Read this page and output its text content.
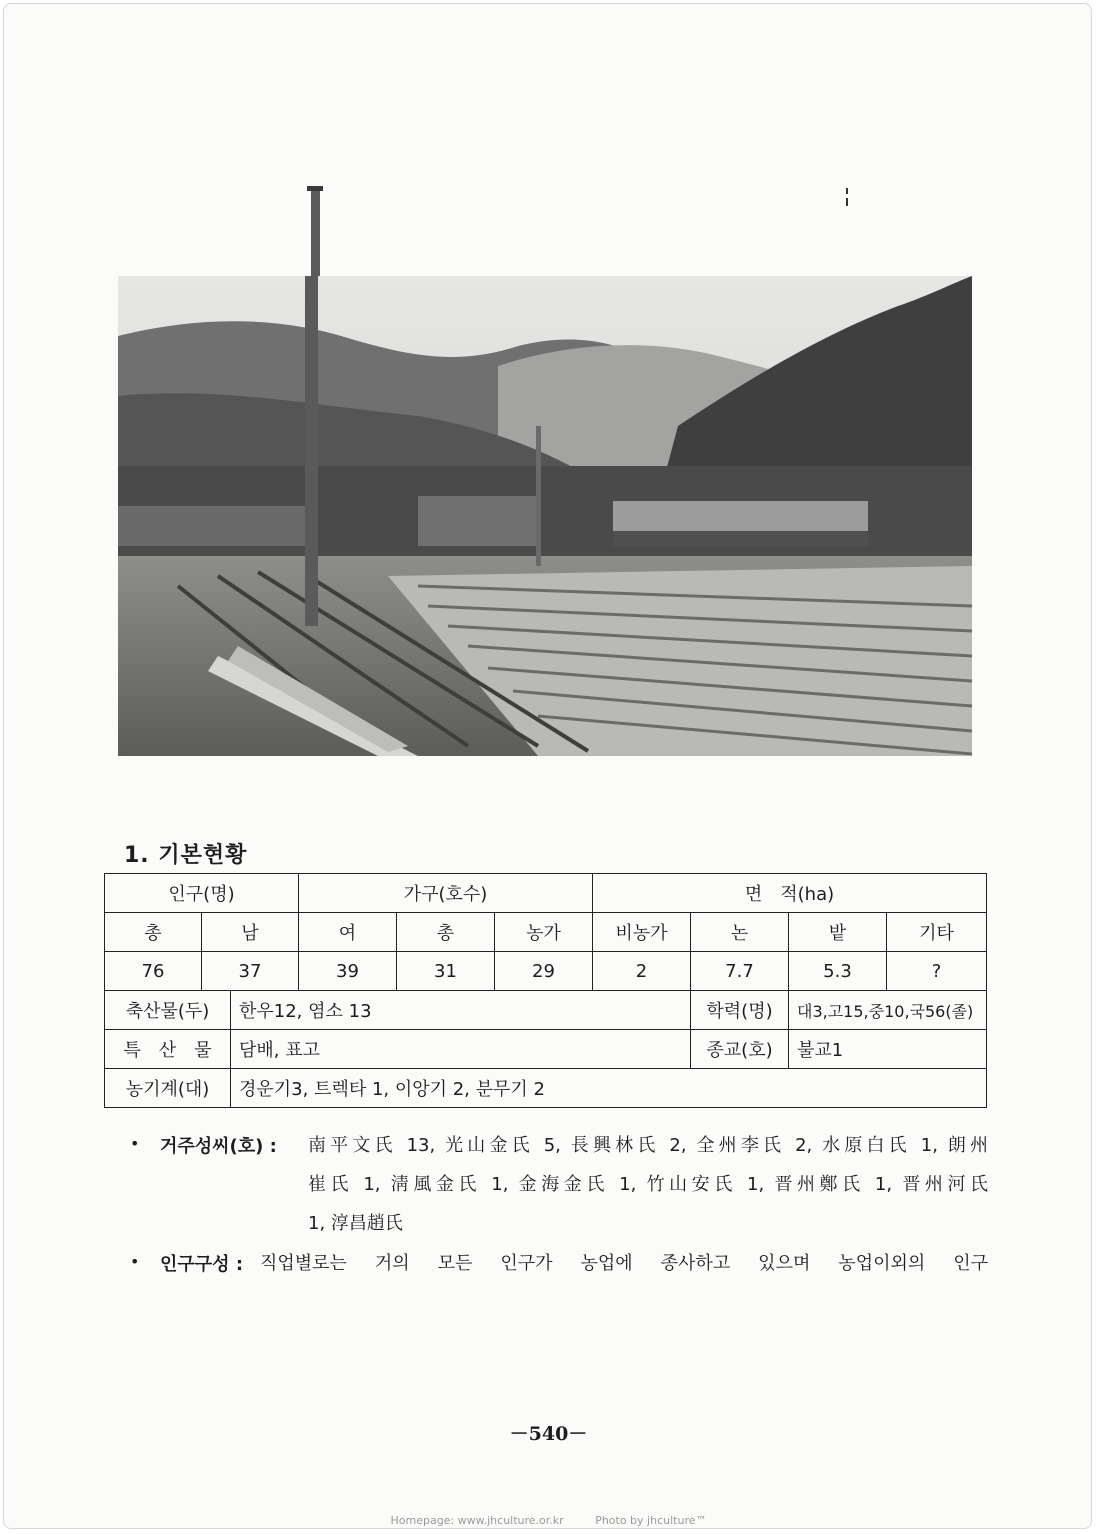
1. 기본현황
인구(명)			가구(호수)			면　적(ha)			
총	남		여	총	농가	비농가	논	밭	기타
76	37		39	31	29	2	7.7	5.3	?
축산물(두)		한우12, 염소 13					학력(명)	대3,고15,중10,국56(졸)	
특　산　물		담배, 표고					종교(호)	불교1	
농기계(대)		경운기3, 트렉타 1, 이앙기 2, 분무기 2							
• 거주성씨(호) : 南平文氏 13, 光山金氏 5, 長興林氏 2, 全州李氏 2, 水原白氏 1, 朗州
崔氏 1, 淸風金氏 1, 金海金氏 1, 竹山安氏 1, 晋州鄭氏 1, 晋州河氏
1, 淳昌趙氏
• 인구구성 : 직업별로는 거의 모든 인구가 농업에 종사하고 있으며 농업이외의 인구
－540－
Homepage: www.jhculture.or.kr	Photo by jhculture™
